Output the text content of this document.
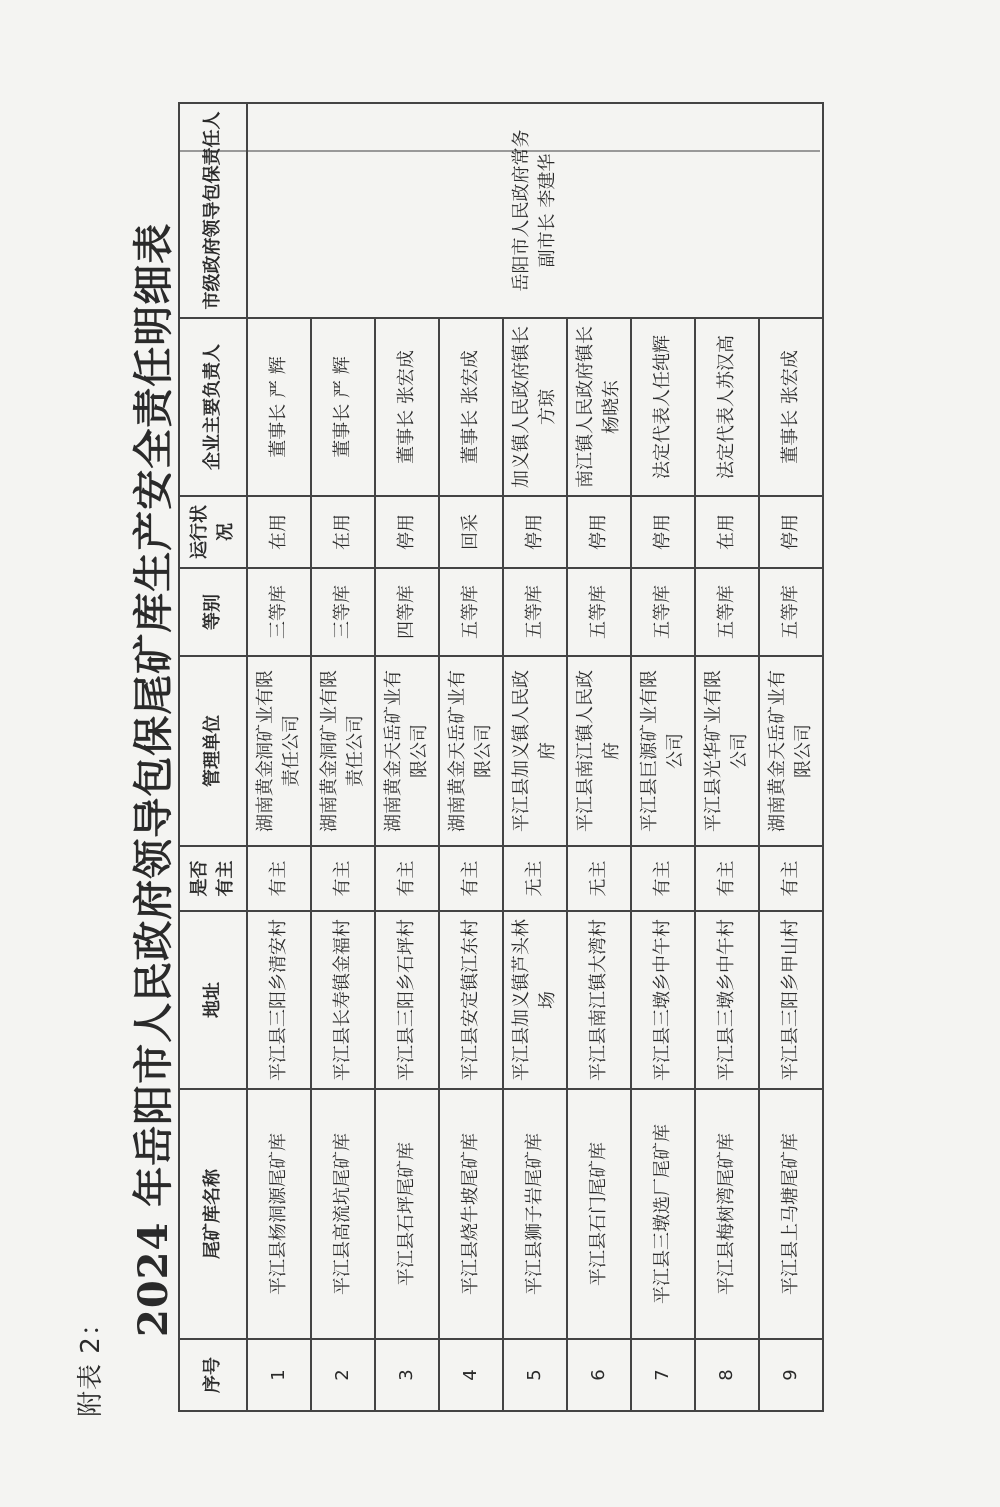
附表 2：
2024 年岳阳市人民政府领导包保尾矿库生产安全责任明细表
序号	尾矿库名称	地址	是否有主	管理单位	等别	运行状况	企业主要负责人	市级政府领导包保责任人
1	平江县杨洞源尾矿库	平江县三阳乡清安村	有主	湖南黄金洞矿业有限责任公司	三等库	在用	董事长 严 辉	岳阳市人民政府常务副市长 李建华
2	平江县高流坑尾矿库	平江县长寿镇金福村	有主	湖南黄金洞矿业有限责任公司	三等库	在用	董事长 严 辉	
3	平江县石坪尾矿库	平江县三阳乡石坪村	有主	湖南黄金天岳矿业有限公司	四等库	停用	董事长 张宏成	
4	平江县烧牛坡尾矿库	平江县安定镇江东村	有主	湖南黄金天岳矿业有限公司	五等库	回采	董事长 张宏成	
5	平江县狮子岩尾矿库	平江县加义镇芦头林场	无主	平江县加义镇人民政府	五等库	停用	加义镇人民政府镇长 方琼	
6	平江县石门尾矿库	平江县南江镇大湾村	无主	平江县南江镇人民政府	五等库	停用	南江镇人民政府镇长 杨晓东	
7	平江县三墩选厂尾矿库	平江县三墩乡中午村	有主	平江县巨源矿业有限公司	五等库	停用	法定代表人任纯辉	
8	平江县梅树湾尾矿库	平江县三墩乡中午村	有主	平江县光华矿业有限公司	五等库	在用	法定代表人苏汉高	
9	平江县上马塘尾矿库	平江县三阳乡甲山村	有主	湖南黄金天岳矿业有限公司	五等库	停用	董事长 张宏成	
